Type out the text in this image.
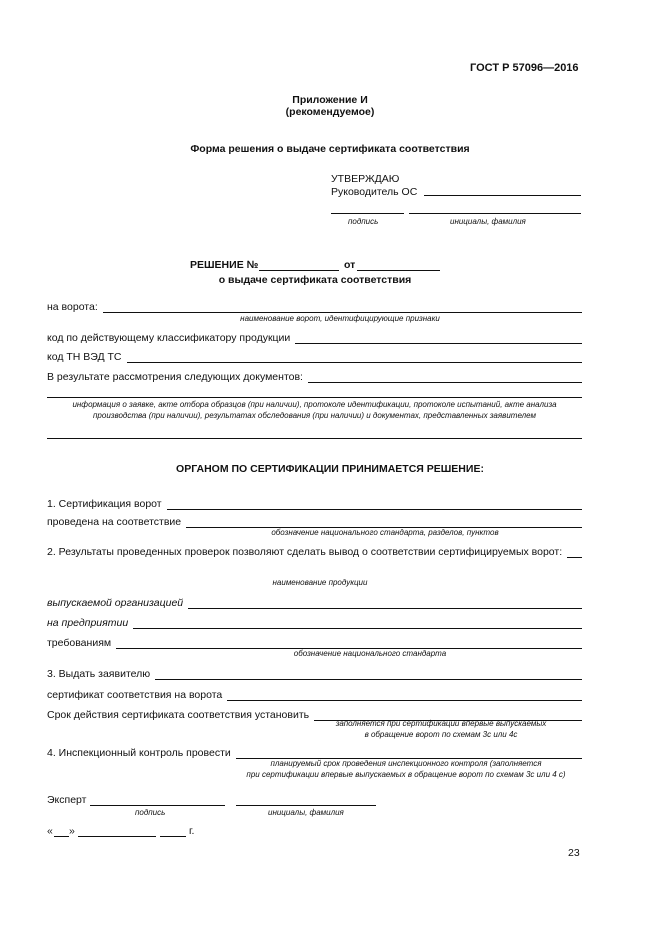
ГОСТ Р 57096—2016
Приложение И
(рекомендуемое)
Форма решения о выдаче сертификата соответствия
УТВЕРЖДАЮ
Руководитель ОС
подпись	инициалы, фамилия
РЕШЕНИЕ №	от
о выдаче сертификата соответствия
на ворота:
наименование ворот, идентифицирующие признаки
код по действующему классификатору продукции
код ТН ВЭД ТС
В результате рассмотрения следующих документов:
информация о заявке, акте отбора образцов (при наличии), протоколе идентификации, протоколе испытаний, акте анализа
производства (при наличии), результатах обследования (при наличии) и документах, представленных заявителем
ОРГАНОМ ПО СЕРТИФИКАЦИИ ПРИНИМАЕТСЯ РЕШЕНИЕ:
1. Сертификация ворот
проведена на соответствие
обозначение национального стандарта, разделов, пунктов
2. Результаты проведенных проверок позволяют сделать вывод о соответствии сертифицируемых ворот:
наименование продукции
выпускаемой организацией
на предприятии
требованиям
обозначение национального стандарта
3. Выдать заявителю
сертификат соответствия на ворота
Срок действия сертификата соответствия установить
заполняется при сертификации впервые выпускаемых
в обращение ворот по схемам 3с или 4с
4. Инспекционный контроль провести
планируемый срок проведения инспекционного контроля (заполняется
при сертификации впервые выпускаемых в обращение ворот по схемам 3с или 4 с)
Эксперт
подпись	инициалы, фамилия
« »	г.
23
